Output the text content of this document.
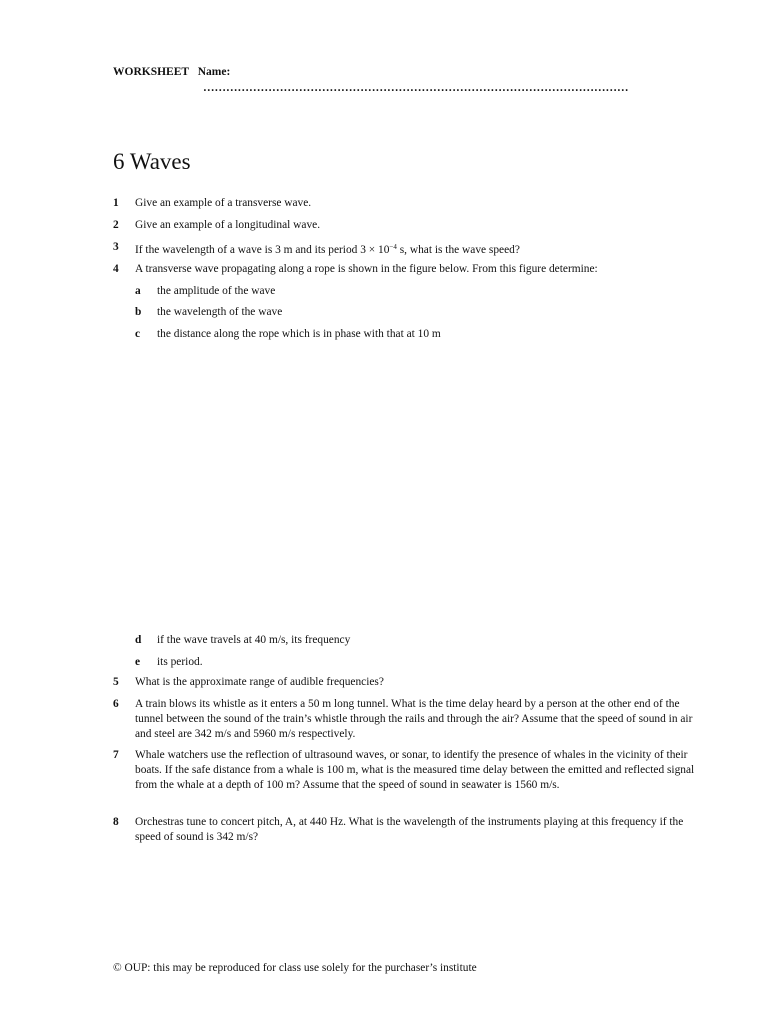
WORKSHEET Name:
…………………………………………………………………………………………………
6 Waves
1 Give an example of a transverse wave.
2 Give an example of a longitudinal wave.
3 If the wavelength of a wave is 3 m and its period $3 \times 10^{-4}$ s, what is the wave speed?
4 A transverse wave propagating along a rope is shown in the figure below. From this figure determine:
a the amplitude of the wave
b the wavelength of the wave
c the distance along the rope which is in phase with that at 10 m
d if the wave travels at 40 m/s, its frequency
e its period.
5 What is the approximate range of audible frequencies?
6 A train blows its whistle as it enters a 50 m long tunnel. What is the time delay heard by a person at the other end of the tunnel between the sound of the train’s whistle through the rails and through the air? Assume that the speed of sound in air and steel are 342 m/s and 5960 m/s respectively.
7 Whale watchers use the reflection of ultrasound waves, or sonar, to identify the presence of whales in the vicinity of their boats. If the safe distance from a whale is 100 m, what is the measured time delay between the emitted and reflected signal from the whale at a depth of 100 m? Assume that the speed of sound in seawater is 1560 m/s.
8 Orchestras tune to concert pitch, A, at 440 Hz. What is the wavelength of the instruments playing at this frequency if the speed of sound is 342 m/s?
© OUP: this may be reproduced for class use solely for the purchaser’s institute
